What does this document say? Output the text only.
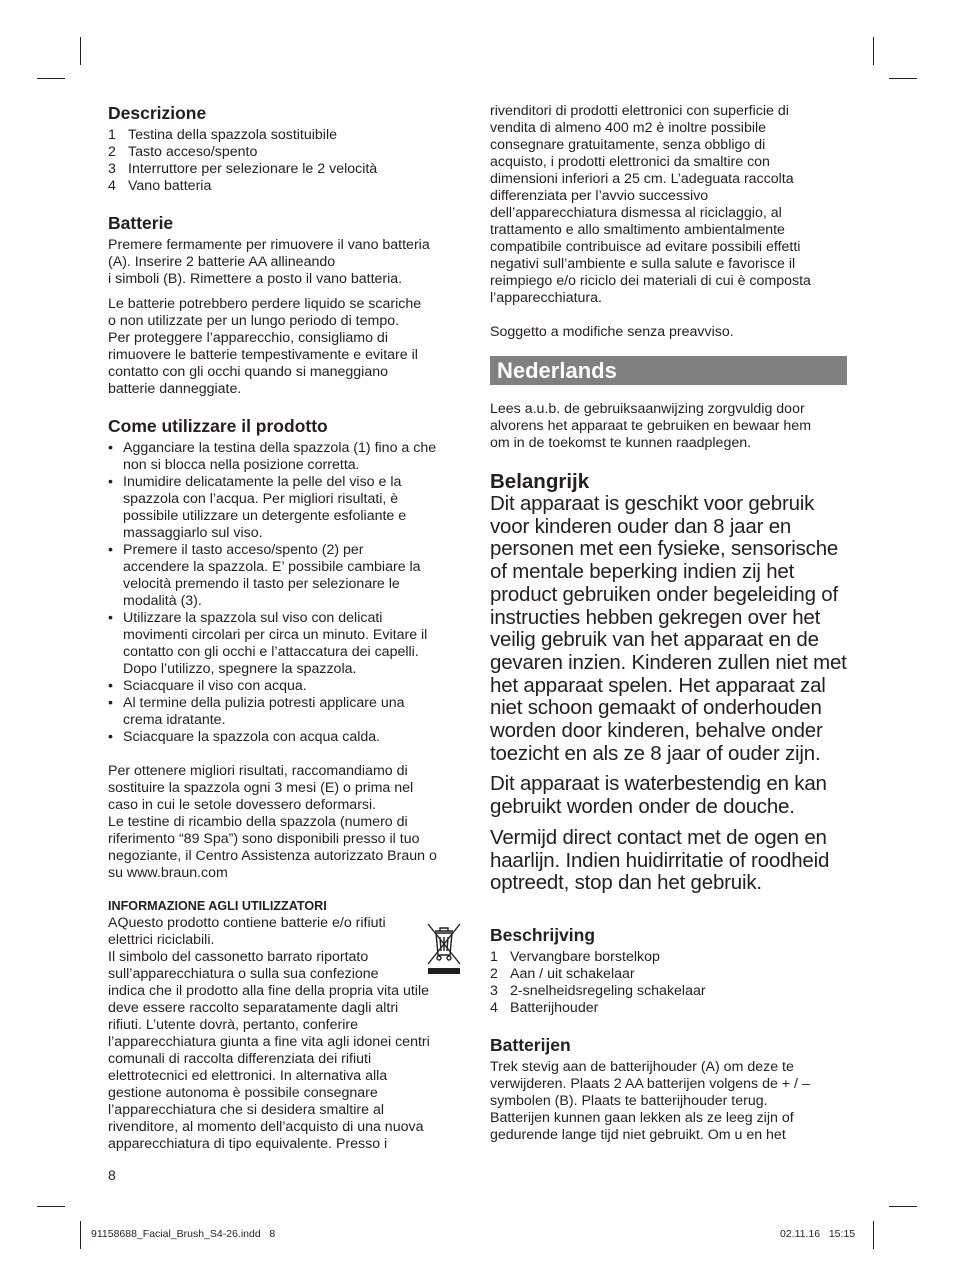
Descrizione
1 Testina della spazzola sostituibile
2 Tasto acceso/spento
3 Interruttore per selezionare le 2 velocità
4 Vano batteria
Batterie

Premere fermamente per rimuovere il vano batteria
(A). Inserire 2 batterie AA allineando
i simboli (B). Rimettere a posto il vano batteria.

Le batterie potrebbero perdere liquido se scariche
o non utilizzate per un lungo periodo di tempo.
Per proteggere l’apparecchio, consigliamo di
rimuovere le batterie tempestivamente e evitare il
contatto con gli occhi quando si maneggiano
batterie danneggiate.

Come utilizzare il prodotto
• Agganciare la testina della spazzola (1) fino a che
non si blocca nella posizione corretta.

• Inumidire delicatamente la pelle del viso e la
spazzola con l’acqua. Per migliori risultati, è
possibile utilizzare un detergente esfoliante e
massaggiarlo sul viso.

• Premere il tasto acceso/spento (2) per
accendere la spazzola. E’ possibile cambiare la
velocità premendo il tasto per selezionare le
modalità (3).

• Utilizzare la spazzola sul viso con delicati
movimenti circolari per circa un minuto. Evitare il
contatto con gli occhi e l’attaccatura dei capelli.
Dopo l’utilizzo, spegnere la spazzola.

• Sciacquare il viso con acqua.

• Al termine della pulizia potresti applicare una
crema idratante.

• Sciacquare la spazzola con acqua calda.

Per ottenere migliori risultati, raccomandiamo di
sostituire la spazzola ogni 3 mesi (E) o prima nel
caso in cui le setole dovessero deformarsi.
Le testine di ricambio della spazzola (numero di
riferimento “89 Spa”) sono disponibili presso il tuo
negoziante, il Centro Assistenza autorizzato Braun o
su www.braun.com

INFORMAZIONE AGLI UTILIZZATORI

AQuesto prodotto contiene batterie e/o rifiuti
elettrici riciclabili.
Il simbolo del cassonetto barrato riportato
sull’apparecchiatura o sulla sua confezione

indica che il prodotto alla fine della propria vita utile
deve essere raccolto separatamente dagli altri
rifiuti. L’utente dovrà, pertanto, conferire
l’apparecchiatura giunta a fine vita agli idonei centri
comunali di raccolta differenziata dei rifiuti
elettrotecnici ed elettronici. In alternativa alla
gestione autonoma è possibile consegnare
l’apparecchiatura che si desidera smaltire al
rivenditore, al momento dell’acquisto di una nuova
apparecchiatura di tipo equivalente. Presso i

8

rivenditori di prodotti elettronici con superficie di
vendita di almeno 400 m2 è inoltre possibile
consegnare gratuitamente, senza obbligo di
acquisto, i prodotti elettronici da smaltire con
dimensioni inferiori a 25 cm. L’adeguata raccolta
differenziata per l’avvio successivo
dell’apparecchiatura dismessa al riciclaggio, al
trattamento e allo smaltimento ambientalmente
compatibile contribuisce ad evitare possibili effetti
negativi sull’ambiente e sulla salute e favorisce il
reimpiego e/o riciclo dei materiali di cui è composta
l’apparecchiatura.

Soggetto a modifiche senza preavviso.

Nederlands

Lees a.u.b. de gebruiksaanwijzing zorgvuldig door
alvorens het apparaat te gebruiken en bewaar hem
om in de toekomst te kunnen raadplegen.

Belangrijk

Dit apparaat is geschikt voor gebruik
voor kinderen ouder dan 8 jaar en
personen met een fysieke, sensorische
of mentale beperking indien zij het
product gebruiken onder begeleiding of
instructies hebben gekregen over het
veilig gebruik van het apparaat en de
gevaren inzien. Kinderen zullen niet met
het apparaat spelen. Het apparaat zal
niet schoon gemaakt of onderhouden
worden door kinderen, behalve onder
toezicht en als ze 8 jaar of ouder zijn.

Dit apparaat is waterbestendig en kan
gebruikt worden onder de douche.

Vermijd direct contact met de ogen en
haarlijn. Indien huidirritatie of roodheid
optreedt, stop dan het gebruik.

Beschrijving
1 Vervangbare borstelkop
2 Aan / uit schakelaar
3 2-snelheidsregeling schakelaar
4 Batterijhouder
Batterijen

Trek stevig aan de batterijhouder (A) om deze te
verwijderen. Plaats 2 AA batterijen volgens de + / –
symbolen (B). Plaats te batterijhouder terug.
Batterijen kunnen gaan lekken als ze leeg zijn of
gedurende lange tijd niet gebruikt. Om u en het

91158688_Facial_Brush_S4-26.indd   8	02.11.16   15:15
